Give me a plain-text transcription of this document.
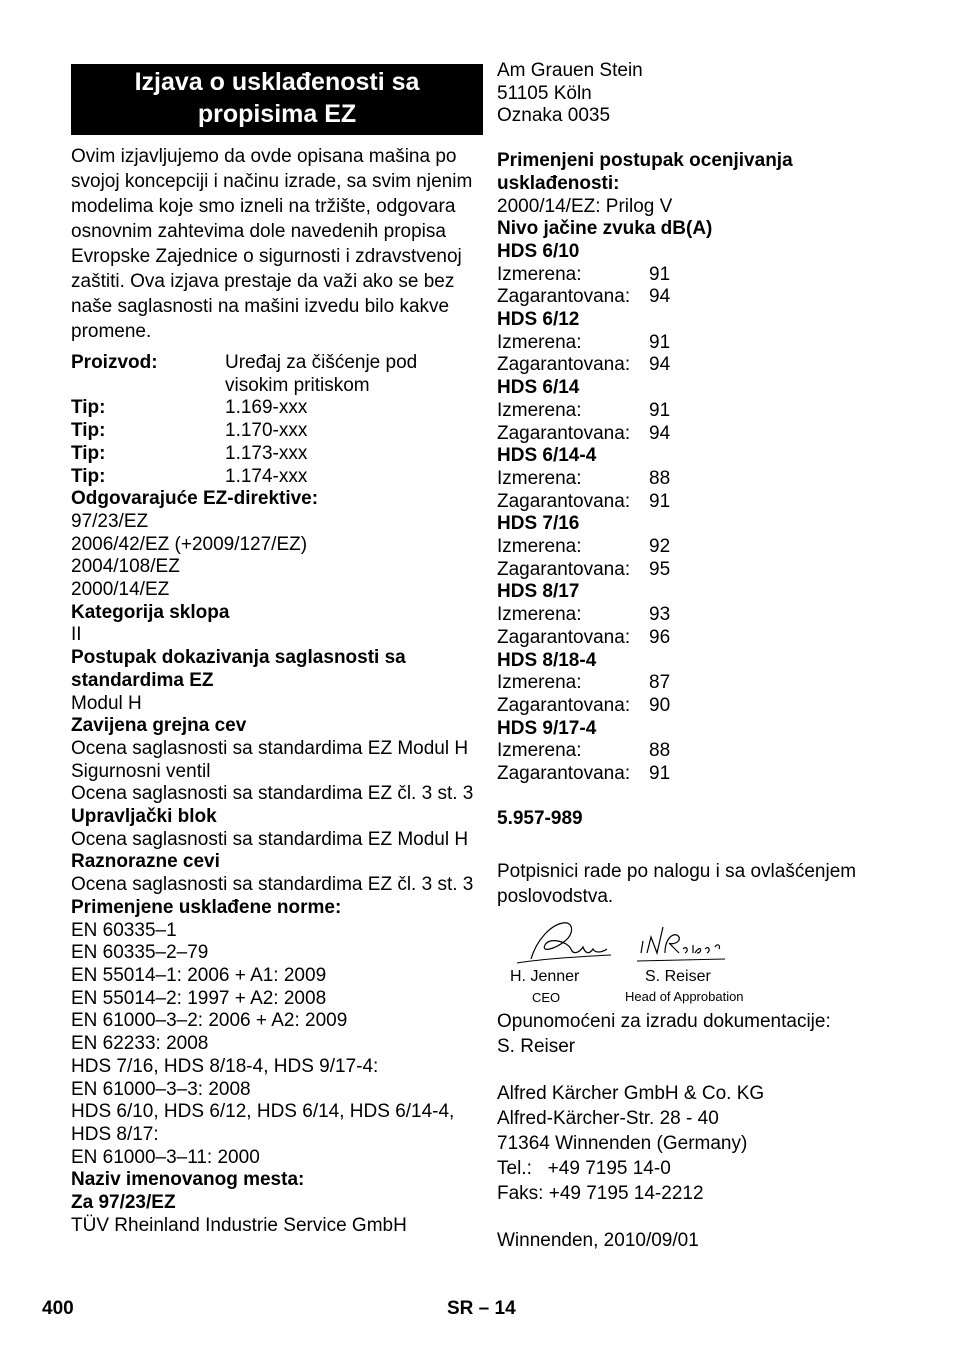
Izjava o usklađenosti sa propisima EZ
Ovim izjavljujemo da ovde opisana mašina po svojoj koncepciji i načinu izrade, sa svim njenim modelima koje smo izneli na tržište, odgovara osnovnim zahtevima dole navedenih propisa Evropske Zajednice o sigurnosti i zdravstvenoj zaštiti. Ova izjava prestaje da važi ako se bez naše saglasnosti na mašini izvedu bilo kakve promene.
Proizvod:	Uređaj za čišćenje pod
visokim pritiskom
Tip:	1.169-xxx
Tip:	1.170-xxx
Tip:	1.173-xxx
Tip:	1.174-xxx
Odgovarajuće EZ-direktive:
97/23/EZ
2006/42/EZ (+2009/127/EZ)
2004/108/EZ
2000/14/EZ
Kategorija sklopa
II
Postupak dokazivanja saglasnosti sa
standardima EZ
Modul H
Zavijena grejna cev
Ocena saglasnosti sa standardima EZ Modul H
Sigurnosni ventil
Ocena saglasnosti sa standardima EZ čl. 3 st. 3
Upravljački blok
Ocena saglasnosti sa standardima EZ Modul H
Raznorazne cevi
Ocena saglasnosti sa standardima EZ čl. 3 st. 3
Primenjene usklađene norme:
EN 60335–1
EN 60335–2–79
EN 55014–1: 2006 + A1: 2009
EN 55014–2: 1997 + A2: 2008
EN 61000–3–2: 2006 + A2: 2009
EN 62233: 2008
HDS 7/16, HDS 8/18-4, HDS 9/17-4:
EN 61000–3–3: 2008
HDS 6/10, HDS 6/12, HDS 6/14, HDS 6/14-4,
HDS 8/17:
EN 61000–3–11: 2000
Naziv imenovanog mesta:
Za 97/23/EZ
TÜV Rheinland Industrie Service GmbH
Am Grauen Stein
51105 Köln
Oznaka 0035
Primenjeni postupak ocenjivanja
usklađenosti:
2000/14/EZ: Prilog V
Nivo jačine zvuka dB(A)
HDS 6/10
Izmerena:	91
Zagarantovana: 94
HDS 6/12
Izmerena:	91
Zagarantovana: 94
HDS 6/14
Izmerena:	91
Zagarantovana: 94
HDS 6/14-4
Izmerena:	88
Zagarantovana: 91
HDS 7/16
Izmerena:	92
Zagarantovana: 95
HDS 8/17
Izmerena:	93
Zagarantovana: 96
HDS 8/18-4
Izmerena:	87
Zagarantovana: 90
HDS 9/17-4
Izmerena:	88
Zagarantovana: 91
5.957-989
Potpisnici rade po nalogu i sa ovlašćenjem poslovodstva.
H. Jenner
CEO
S. Reiser
Head of Approbation
Opunomoćeni za izradu dokumentacije:
S. Reiser
Alfred Kärcher GmbH & Co. KG
Alfred-Kärcher-Str. 28 - 40
71364 Winnenden (Germany)
Tel.:   +49 7195 14-0
Faks: +49 7195 14-2212
Winnenden, 2010/09/01
400	SR – 14
